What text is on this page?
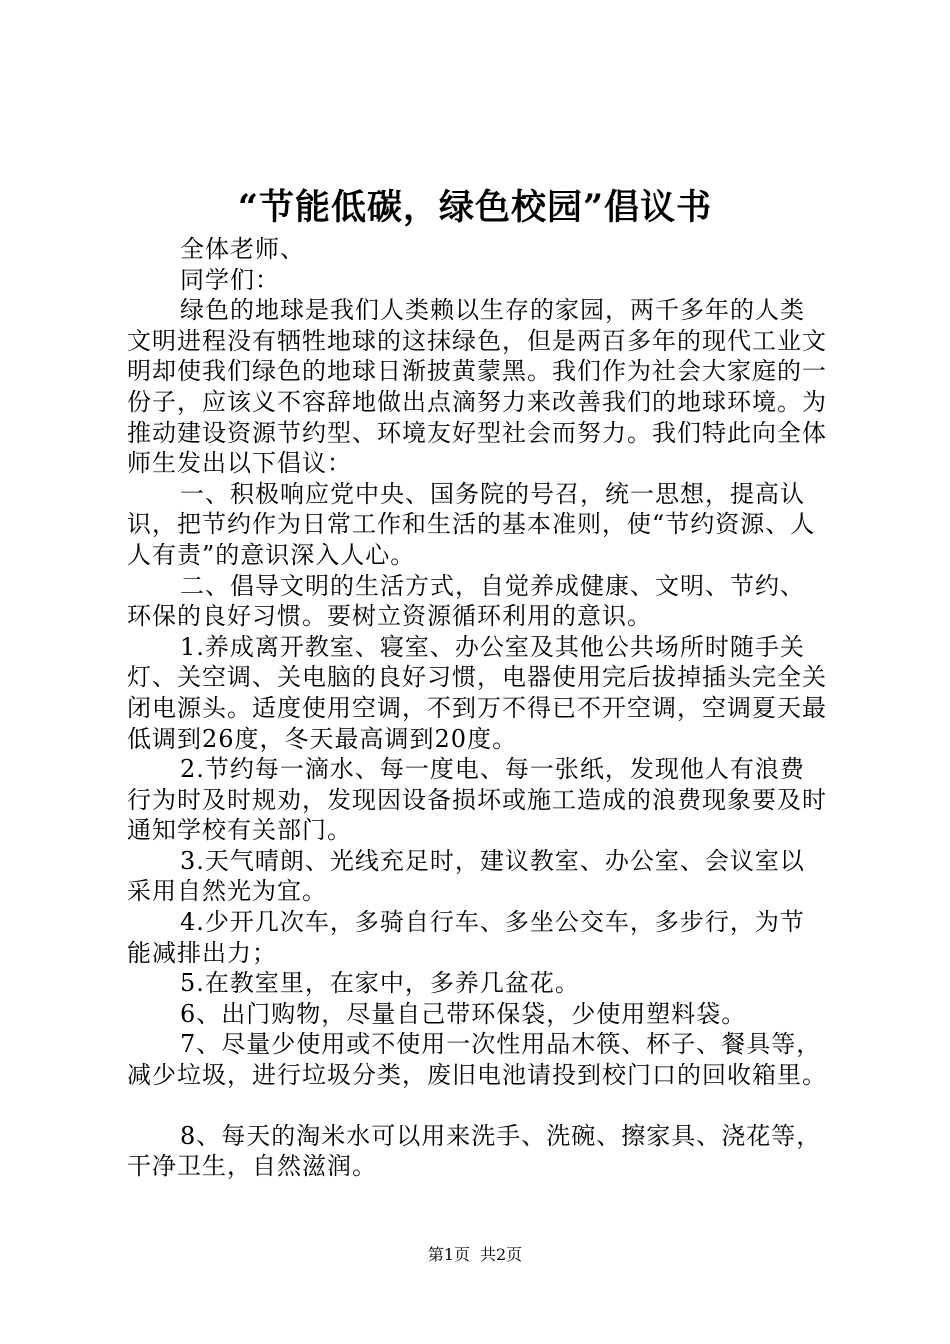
“节能低碳，绿色校园”倡议书

全体老师、

同学们：

绿色的地球是我们人类赖以生存的家园，两千多年的人类文明进程没有牺牲地球的这抹绿色，但是两百多年的现代工业文明却使我们绿色的地球日渐披黄蒙黑。我们作为社会大家庭的一份子，应该义不容辞地做出点滴努力来改善我们的地球环境。为推动建设资源节约型、环境友好型社会而努力。我们特此向全体师生发出以下倡议：

一、积极响应党中央、国务院的号召，统一思想，提高认识，把节约作为日常工作和生活的基本准则，使“节约资源、人人有责”的意识深入人心。

二、倡导文明的生活方式，自觉养成健康、文明、节约、环保的良好习惯。要树立资源循环利用的意识。

1.养成离开教室、寝室、办公室及其他公共场所时随手关灯、关空调、关电脑的良好习惯，电器使用完后拔掉插头完全关闭电源头。适度使用空调，不到万不得已不开空调，空调夏天最低调到26度，冬天最高调到20度。

2.节约每一滴水、每一度电、每一张纸，发现他人有浪费行为时及时规劝，发现因设备损坏或施工造成的浪费现象要及时通知学校有关部门。

3.天气晴朗、光线充足时，建议教室、办公室、会议室以采用自然光为宜。

4.少开几次车，多骑自行车、多坐公交车，多步行，为节能减排出力；

5.在教室里，在家中，多养几盆花。

6、出门购物，尽量自己带环保袋，少使用塑料袋。

7、尽量少使用或不使用一次性用品木筷、杯子、餐具等，减少垃圾，进行垃圾分类，废旧电池请投到校门口的回收箱里。

8、每天的淘米水可以用来洗手、洗碗、擦家具、浇花等，干净卫生，自然滋润。

第1页 共2页
